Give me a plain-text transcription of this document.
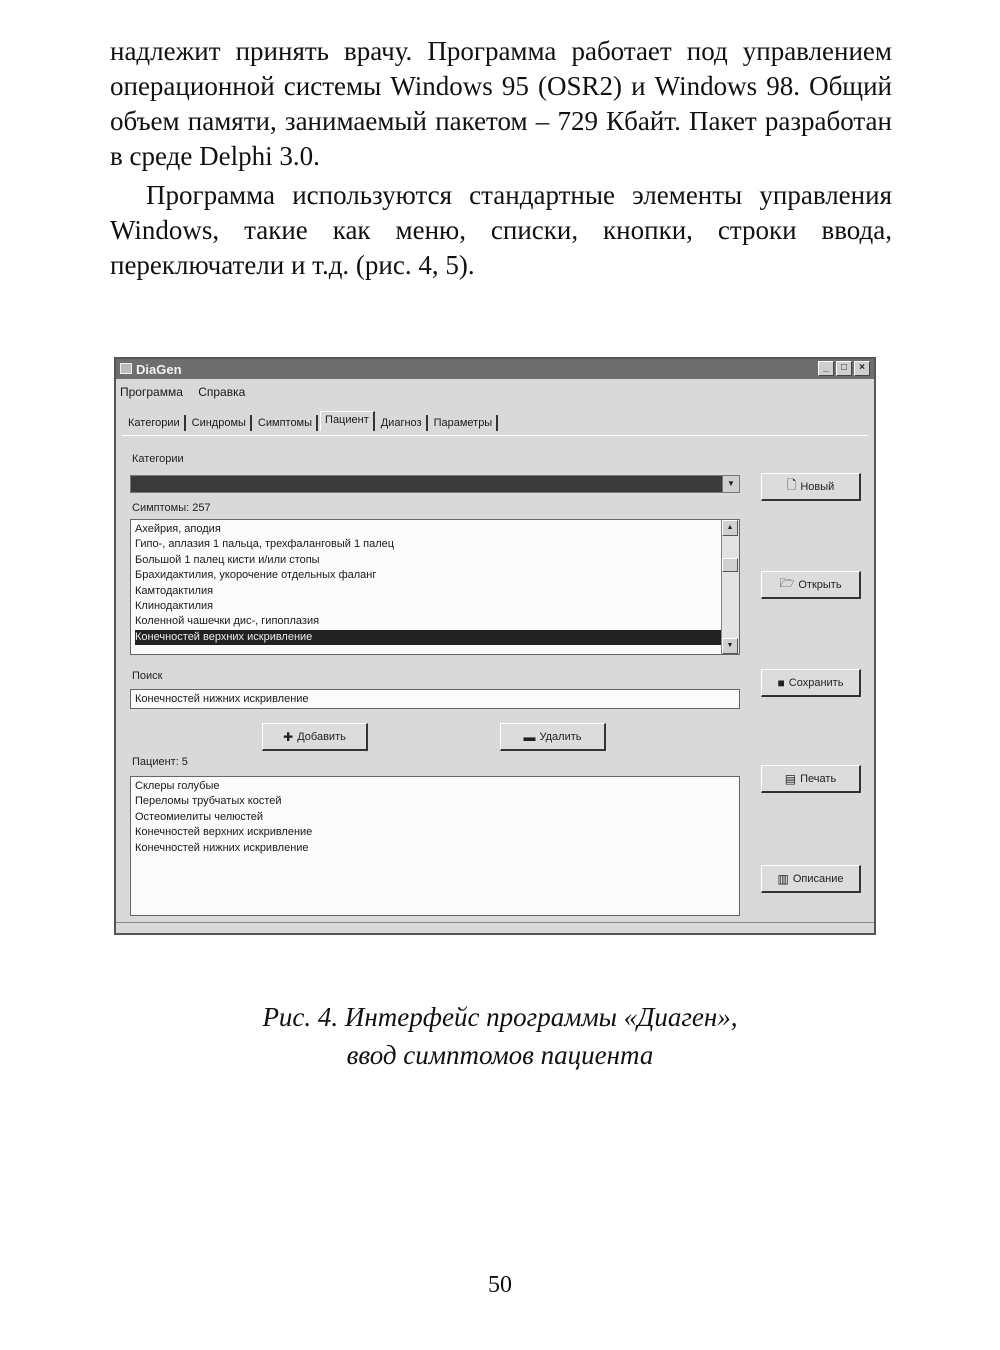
надлежит принять врачу. Программа работает под управлением операционной системы Windows 95 (OSR2) и Windows 98. Общий объем памяти, занимаемый пакетом – 729 Кбайт. Пакет разработан в среде Delphi 3.0.

Программа используются стандартные элементы управления Windows, такие как меню, списки, кнопки, строки ввода, переключатели и т.д. (рис. 4, 5).

DiaGen	_	□	×
Программа Справка
Категории Синдромы Симптомы Пациент Диагноз Параметры
Категории
▼
Симптомы: 257
Ахейрия, аподия
Гипо-, аплазия 1 пальца, трехфаланговый 1 палец
Большой 1 палец кисти и/или стопы
Брахидактилия, укорочение отдельных фаланг
Камтодактилия
Клинодактилия
Коленной чашечки дис-, гипоплазия
Конечностей верхних искривление
▲
▼
Поиск
Конечностей нижних искривление
✚ Добавить	▬ Удалить
Пациент: 5
Склеры голубые
Переломы трубчатых костей
Остеомиелиты челюстей
Конечностей верхних искривление
Конечностей нижних искривление
🗋 Новый
🗁 Открыть
■ Сохранить
▤ Печать
▥ Описание
Рис. 4. Интерфейс программы «Диаген»,
ввод симптомов пациента
50
